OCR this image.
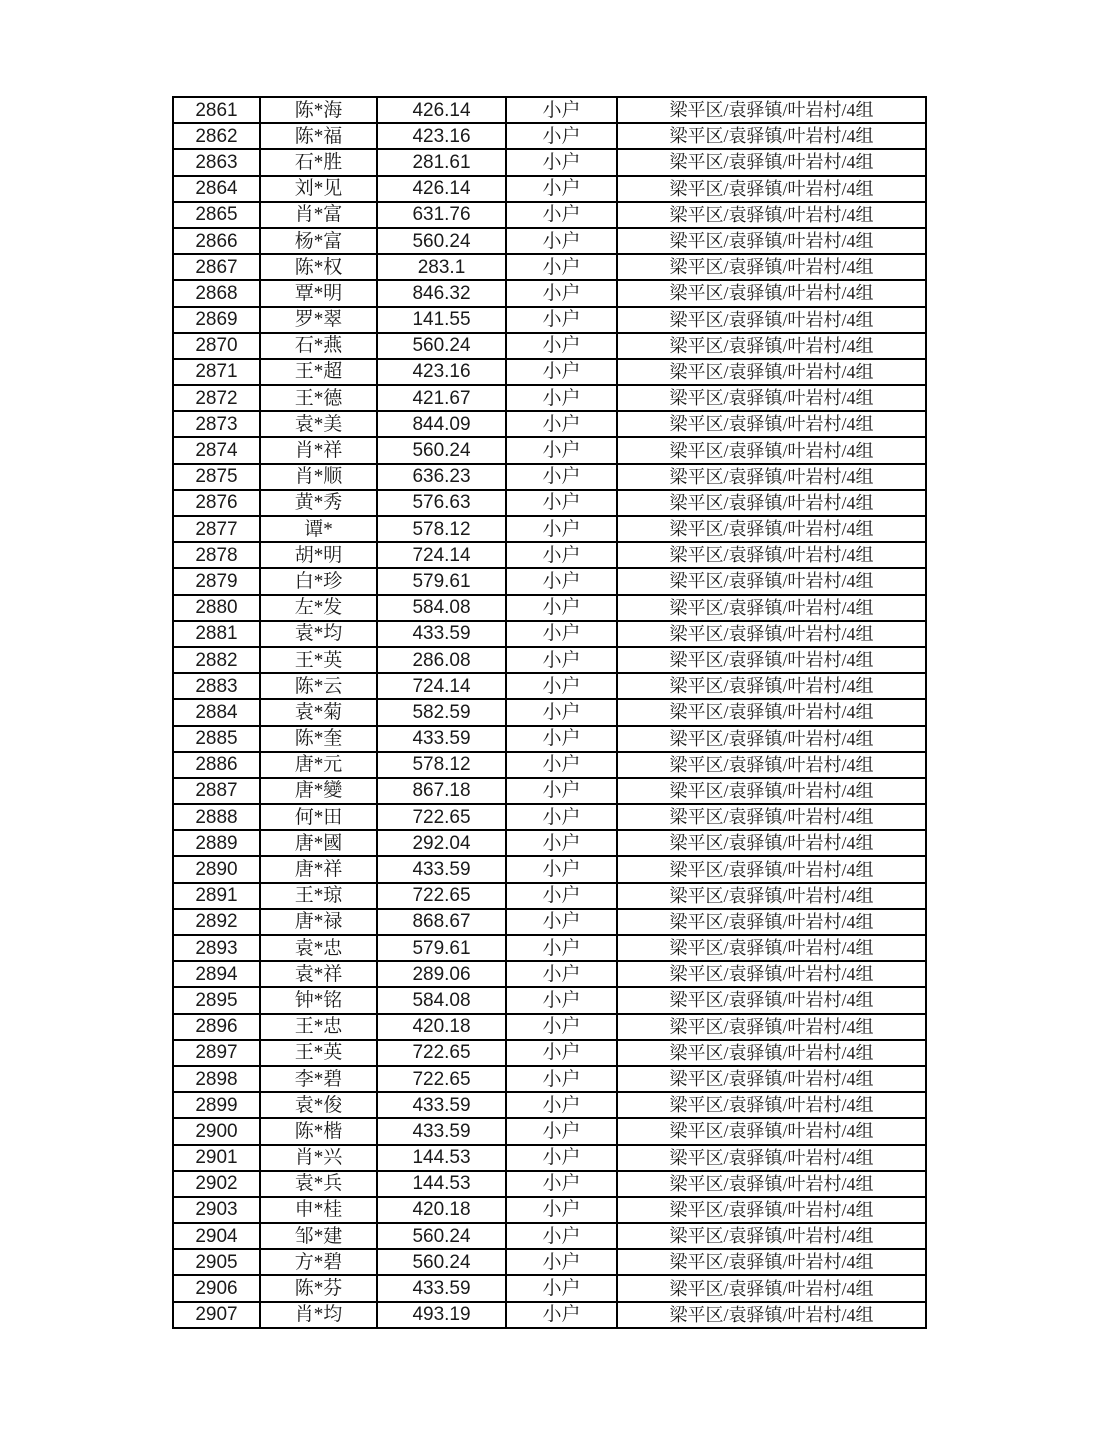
2861	陈*海	426.14	小户	梁平区/袁驿镇/叶岩村/4组
2862	陈*福	423.16	小户	梁平区/袁驿镇/叶岩村/4组
2863	石*胜	281.61	小户	梁平区/袁驿镇/叶岩村/4组
2864	刘*见	426.14	小户	梁平区/袁驿镇/叶岩村/4组
2865	肖*富	631.76	小户	梁平区/袁驿镇/叶岩村/4组
2866	杨*富	560.24	小户	梁平区/袁驿镇/叶岩村/4组
2867	陈*权	283.1	小户	梁平区/袁驿镇/叶岩村/4组
2868	覃*明	846.32	小户	梁平区/袁驿镇/叶岩村/4组
2869	罗*翠	141.55	小户	梁平区/袁驿镇/叶岩村/4组
2870	石*燕	560.24	小户	梁平区/袁驿镇/叶岩村/4组
2871	王*超	423.16	小户	梁平区/袁驿镇/叶岩村/4组
2872	王*德	421.67	小户	梁平区/袁驿镇/叶岩村/4组
2873	袁*美	844.09	小户	梁平区/袁驿镇/叶岩村/4组
2874	肖*祥	560.24	小户	梁平区/袁驿镇/叶岩村/4组
2875	肖*顺	636.23	小户	梁平区/袁驿镇/叶岩村/4组
2876	黄*秀	576.63	小户	梁平区/袁驿镇/叶岩村/4组
2877	谭*	578.12	小户	梁平区/袁驿镇/叶岩村/4组
2878	胡*明	724.14	小户	梁平区/袁驿镇/叶岩村/4组
2879	白*珍	579.61	小户	梁平区/袁驿镇/叶岩村/4组
2880	左*发	584.08	小户	梁平区/袁驿镇/叶岩村/4组
2881	袁*均	433.59	小户	梁平区/袁驿镇/叶岩村/4组
2882	王*英	286.08	小户	梁平区/袁驿镇/叶岩村/4组
2883	陈*云	724.14	小户	梁平区/袁驿镇/叶岩村/4组
2884	袁*菊	582.59	小户	梁平区/袁驿镇/叶岩村/4组
2885	陈*奎	433.59	小户	梁平区/袁驿镇/叶岩村/4组
2886	唐*元	578.12	小户	梁平区/袁驿镇/叶岩村/4组
2887	唐*變	867.18	小户	梁平区/袁驿镇/叶岩村/4组
2888	何*田	722.65	小户	梁平区/袁驿镇/叶岩村/4组
2889	唐*國	292.04	小户	梁平区/袁驿镇/叶岩村/4组
2890	唐*祥	433.59	小户	梁平区/袁驿镇/叶岩村/4组
2891	王*琼	722.65	小户	梁平区/袁驿镇/叶岩村/4组
2892	唐*禄	868.67	小户	梁平区/袁驿镇/叶岩村/4组
2893	袁*忠	579.61	小户	梁平区/袁驿镇/叶岩村/4组
2894	袁*祥	289.06	小户	梁平区/袁驿镇/叶岩村/4组
2895	钟*铭	584.08	小户	梁平区/袁驿镇/叶岩村/4组
2896	王*忠	420.18	小户	梁平区/袁驿镇/叶岩村/4组
2897	王*英	722.65	小户	梁平区/袁驿镇/叶岩村/4组
2898	李*碧	722.65	小户	梁平区/袁驿镇/叶岩村/4组
2899	袁*俊	433.59	小户	梁平区/袁驿镇/叶岩村/4组
2900	陈*楷	433.59	小户	梁平区/袁驿镇/叶岩村/4组
2901	肖*兴	144.53	小户	梁平区/袁驿镇/叶岩村/4组
2902	袁*兵	144.53	小户	梁平区/袁驿镇/叶岩村/4组
2903	申*桂	420.18	小户	梁平区/袁驿镇/叶岩村/4组
2904	邹*建	560.24	小户	梁平区/袁驿镇/叶岩村/4组
2905	方*碧	560.24	小户	梁平区/袁驿镇/叶岩村/4组
2906	陈*芬	433.59	小户	梁平区/袁驿镇/叶岩村/4组
2907	肖*均	493.19	小户	梁平区/袁驿镇/叶岩村/4组
